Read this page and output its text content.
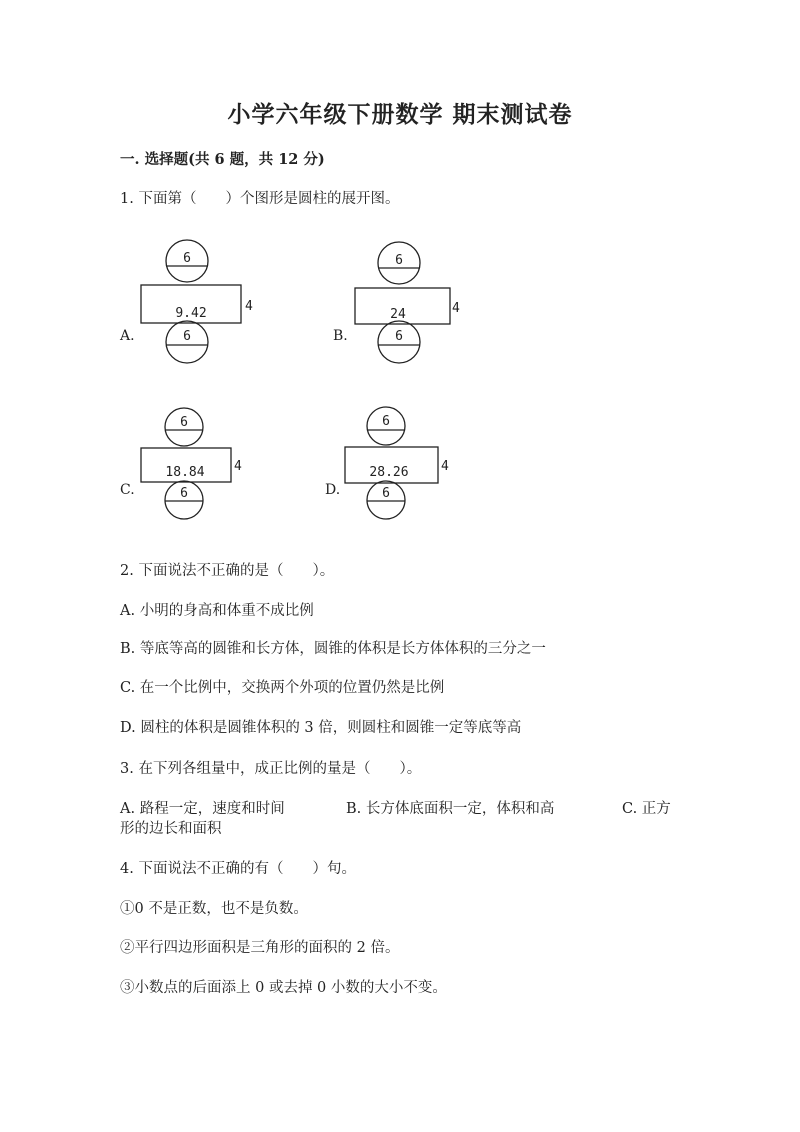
小学六年级下册数学 期末测试卷
一. 选择题(共 6 题，共 12 分)
1. 下面第（　　）个图形是圆柱的展开图。
A.
6
9.42	4
6	B.
6
24	4
6
C.
6
18.84 4
6	D.
6
28.26 4
6
2. 下面说法不正确的是（　　）。
A. 小明的身高和体重不成比例
B. 等底等高的圆锥和长方体，圆锥的体积是长方体体积的三分之一
C. 在一个比例中，交换两个外项的位置仍然是比例
D. 圆柱的体积是圆锥体积的 3 倍，则圆柱和圆锥一定等底等高
3. 在下列各组量中，成正比例的量是（　　）。
A. 路程一定，速度和时间	B. 长方体底面积一定，体积和高	C. 正方
形的边长和面积
4. 下面说法不正确的有（　　）句。
①0 不是正数，也不是负数。
②平行四边形面积是三角形的面积的 2 倍。
③小数点的后面添上 0 或去掉 0 小数的大小不变。
